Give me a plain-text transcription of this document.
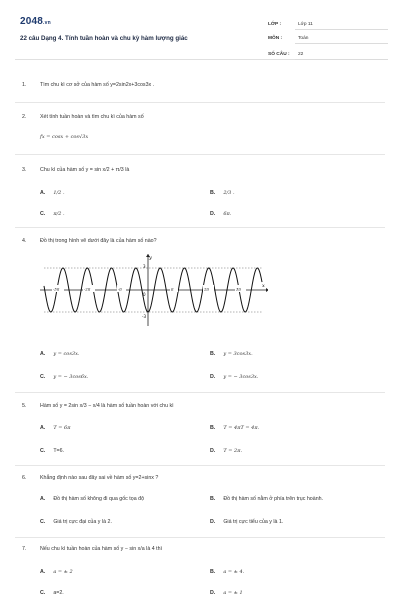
2048.vn
22 câu Dạng 4. Tính tuần hoàn và chu kỳ hàm lượng giác
LỚP :	Lớp 11
MÔN :	Toán
SỐ CÂU : 22
1.	Tìm chu kì cơ sở của hàm số y=2sin2x+3cos3x .
2.	Xét tính tuần hoàn và tìm chu kì của hàm số
fx = cosx + cos√3x
3.	Chu kì của hàm số y = sin x/2 + π/3 là
A. 1/2 .	B. 2/3 .
C. π/2 .	D. 6π.
4.	Đồ thị trong hình vẽ dưới đây là của hàm số nào?
y
x
3
-3
0
-3π	-2π	-π	π	2π	3π
A. y = cos3x.	B. y = 3cos3x.
C. y = − 3cos6x.	D. y = − 3cos3x.
5.	Hàm số y = 2sin x/3 − x/4 là hàm số tuần hoàn với chu kì
A. T = 6π	B. T = 4πT = 4π.
C. T=6.	D. T = 2π.
6.	Khẳng định nào sau đây sai về hàm số y=2+sinx ?
A. Đồ thị hàm số không đi qua gốc tọa độ	B. Đồ thị hàm số nằm ở phía trên trục hoành.
C. Giá trị cực đại của y là 2.	D. Giá trị cực tiểu của y là 1.
7.	Nếu chu kì tuần hoàn của hàm số y − sin x/a là 4 thì
A. a = ± 2	B. a = ± 4.
C. a=2.	D. a = ± 1
